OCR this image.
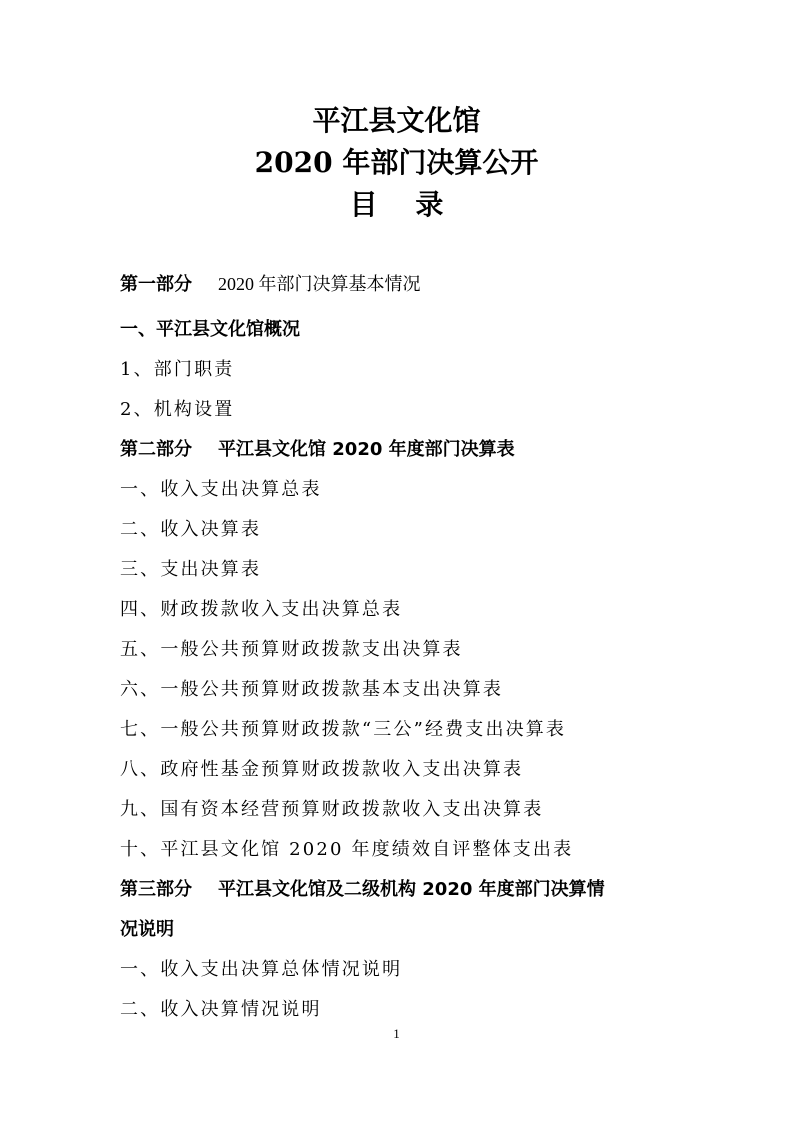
平江县文化馆
2020 年部门决算公开
目 录
第一部分 2020 年部门决算基本情况
一、平江县文化馆概况
1、部门职责
2、机构设置
第二部分 平江县文化馆 2020 年度部门决算表
一、收入支出决算总表
二、收入决算表
三、支出决算表
四、财政拨款收入支出决算总表
五、一般公共预算财政拨款支出决算表
六、一般公共预算财政拨款基本支出决算表
七、一般公共预算财政拨款“三公”经费支出决算表
八、政府性基金预算财政拨款收入支出决算表
九、国有资本经营预算财政拨款收入支出决算表
十、平江县文化馆 2020 年度绩效自评整体支出表
第三部分 平江县文化馆及二级机构 2020 年度部门决算情
况说明
一、收入支出决算总体情况说明
二、收入决算情况说明
1
